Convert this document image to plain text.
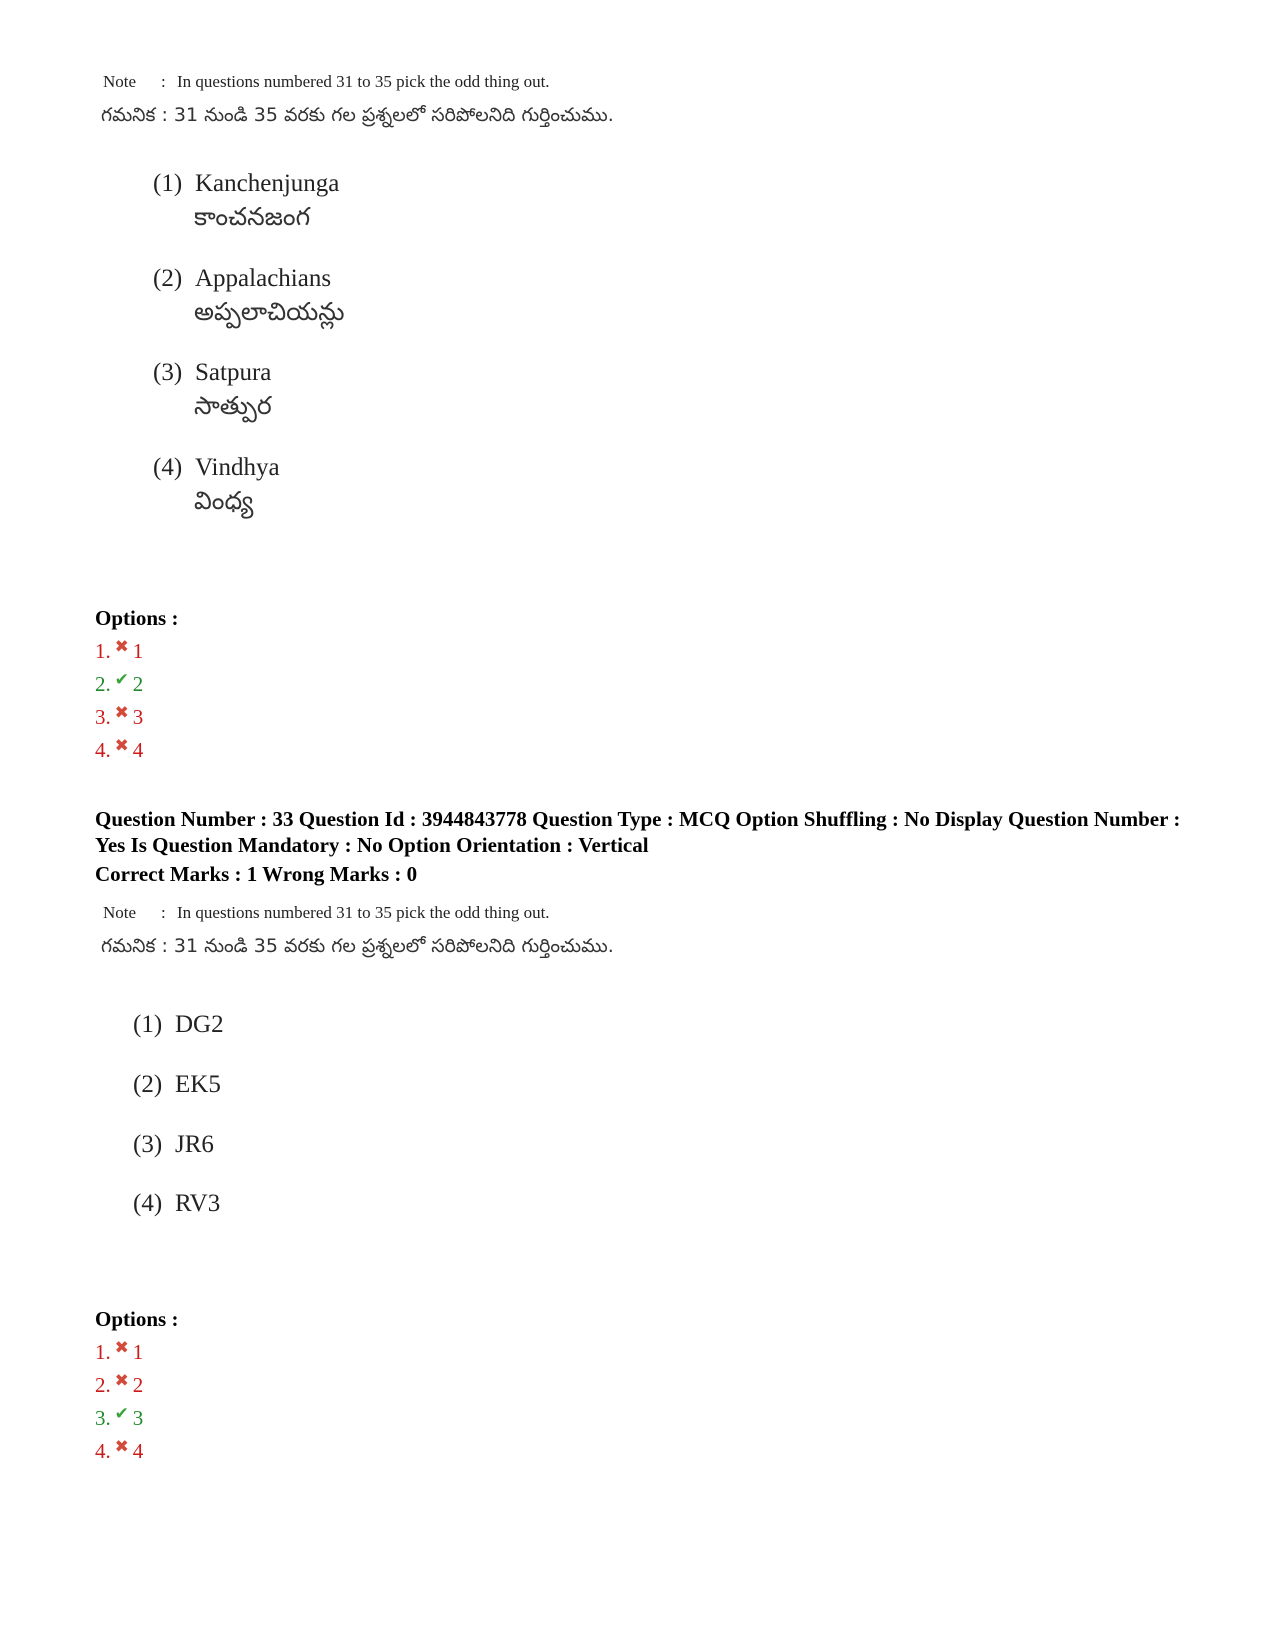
Note : In questions numbered 31 to 35 pick the odd thing out.
గమనిక : 31 నుండి 35 వరకు గల ప్రశ్నలలో సరిపోలనిది గుర్తించుము.
(1) Kanchenjunga
కాంచనజంగ
(2) Appalachians
అప్పలాచియన్లు
(3) Satpura
సాత్పుర
(4) Vindhya
వింధ్య
Options :
1. ✖ 1
2. ✔ 2
3. ✖ 3
4. ✖ 4
Question Number : 33 Question Id : 3944843778 Question Type : MCQ Option Shuffling : No Display Question Number : Yes Is Question Mandatory : No Option Orientation : Vertical
Correct Marks : 1 Wrong Marks : 0
Note : In questions numbered 31 to 35 pick the odd thing out.
గమనిక : 31 నుండి 35 వరకు గల ప్రశ్నలలో సరిపోలనిది గుర్తించుము.
(1) DG2
(2) EK5
(3) JR6
(4) RV3
Options :
1. ✖ 1
2. ✖ 2
3. ✔ 3
4. ✖ 4
